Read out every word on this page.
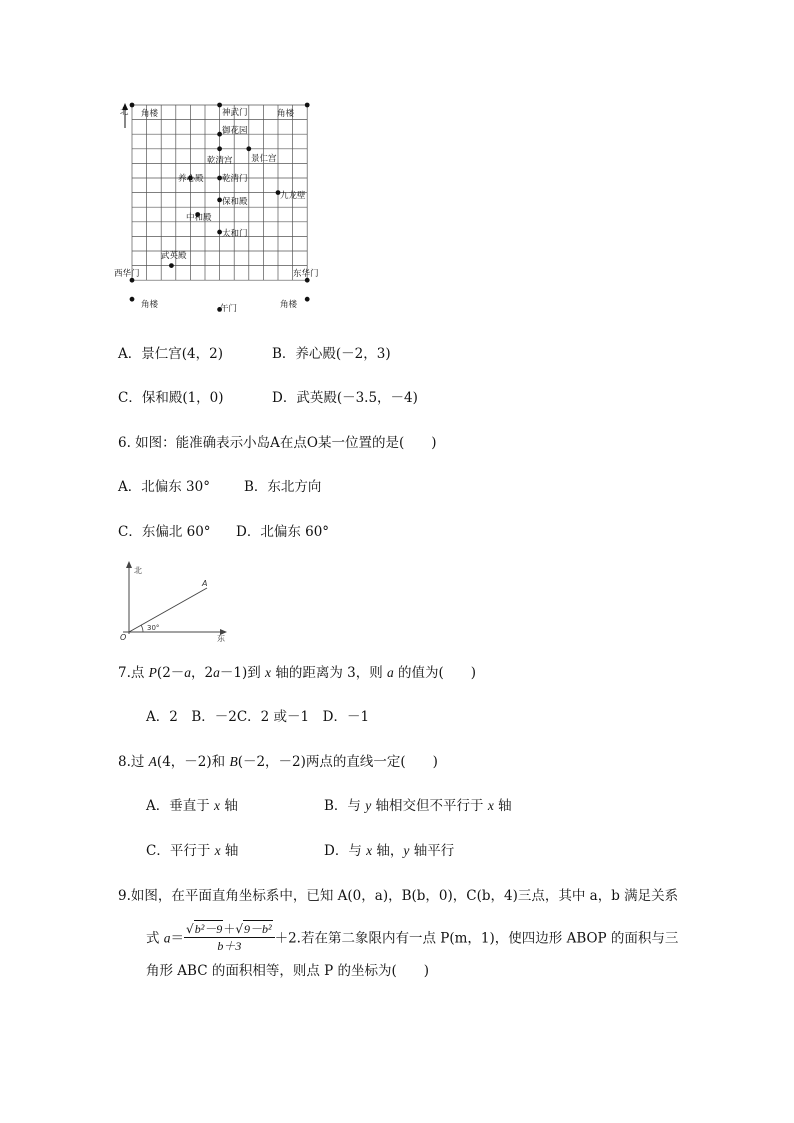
北 角楼	神武门	角楼
御花园
乾清宫 景仁宫
养心殿 乾清门
九龙壁
保和殿
中和殿
太和门
武英殿
西华门	东华门
角楼	午门	角楼
A．景仁宫(4，2)	B．养心殿(－2，3)
C．保和殿(1，0)	D．武英殿(－3.5，－4)
6. 如图：能准确表示小岛A在点O某一位置的是(　　)
A．北偏东 30°	B．东北方向
C．东偏北 60° D．北偏东 60°
北
东
O
A
30°
7.点 P(2－a，2a－1)到 x 轴的距离为 3，则 a 的值为(　　)
A．2　B．－2C．2 或－1　D．－1
8.过 A(4，－2)和 B(－2，－2)两点的直线一定(　　)
A．垂直于 x 轴	B．与 y 轴相交但不平行于 x 轴
C．平行于 x 轴	D．与 x 轴，y 轴平行
9.如图，在平面直角坐标系中，已知 A(0，a)，B(b，0)，C(b，4)三点，其中 a，b 满足关系
式 $a= \frac{\text{√b²－9＋√9－b²}}{b+3} +2$.若在第二象限内有一点 P(m，1)，使四边形 ABOP 的面积与三
角形 ABC 的面积相等，则点 P 的坐标为(　　)
